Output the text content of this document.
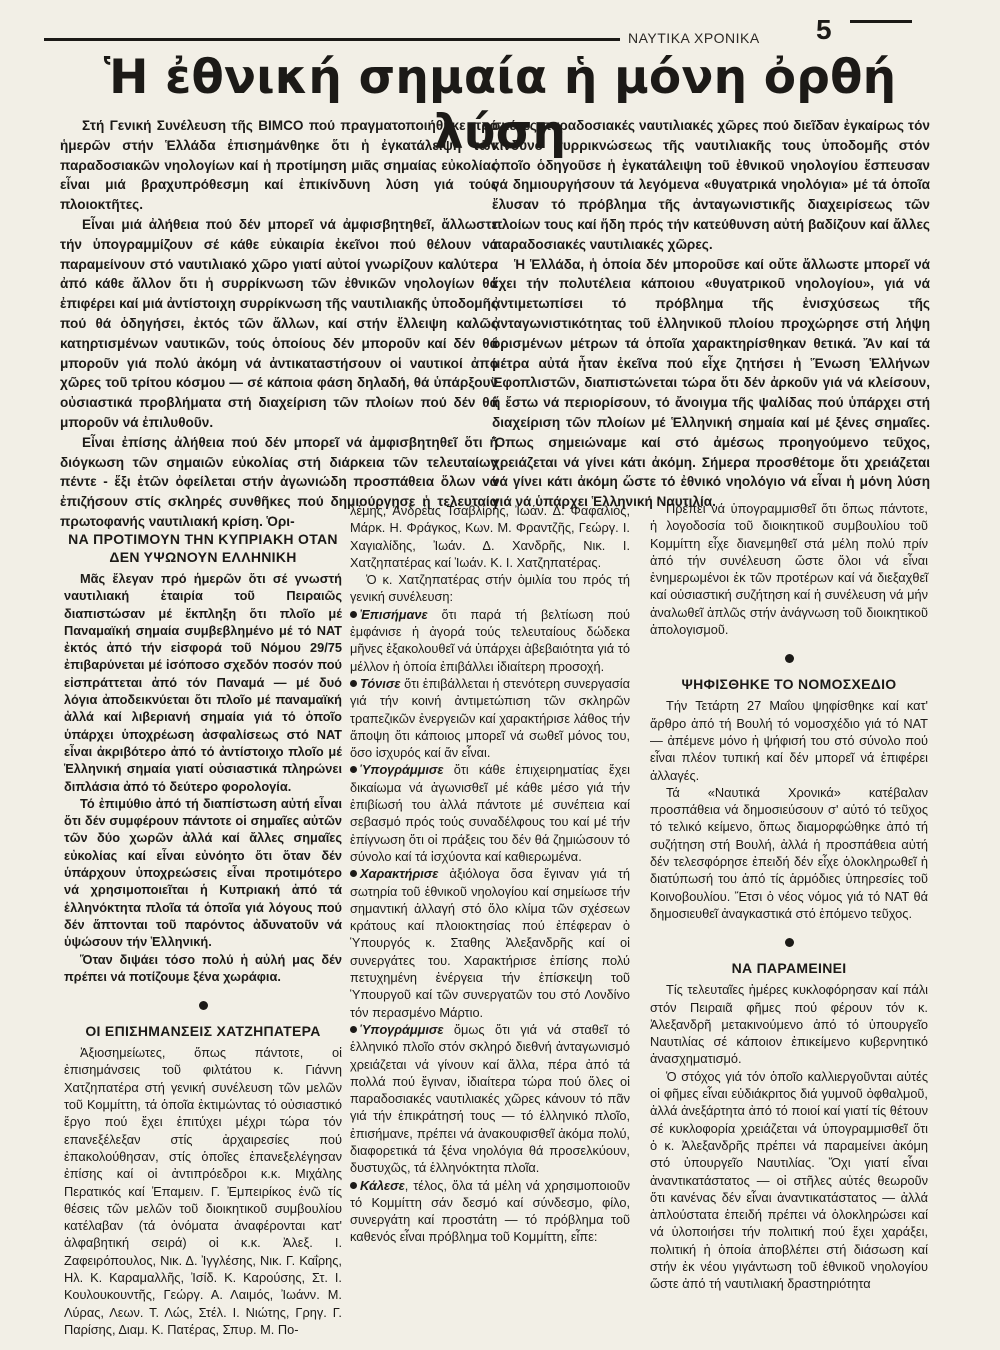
ΝΑΥΤΙΚΑ ΧΡΟΝΙΚΑ 5
Ἡ ἐθνική σημαία ἡ μόνη ὀρθή λύση

Στή Γενική Συνέλευση τῆς BIMCO πού πραγματοποιήθηκε πρό ἡμερῶν στήν Ἑλλάδα ἐπισημάνθηκε ὅτι ἡ ἐγκατάλειψη τῶν παραδοσιακῶν νηολογίων καί ἡ προτίμηση μιᾶς σημαίας εὐκολίας εἶναι μιά βραχυπρόθεσμη καί ἐπικίνδυνη λύση γιά τούς πλοιοκτῆτες.

Εἶναι μιά ἀλήθεια πού δέν μπορεῖ νά ἀμφισβητηθεῖ, ἄλλωστε τήν ὑπογραμμίζουν σέ κάθε εὐκαιρία ἐκεῖνοι πού θέλουν νά παραμείνουν στό ναυτιλιακό χῶρο γιατί αὐτοί γνωρίζουν καλύτερα ἀπό κάθε ἄλλον ὅτι ἡ συρρίκνωση τῶν ἐθνικῶν νηολογίων θά ἐπιφέρει καί μιά ἀντίστοιχη συρρίκνωση τῆς ναυτιλιακῆς ὑποδομῆς πού θά ὁδηγήσει, ἐκτός τῶν ἄλλων, καί στήν ἔλλειψη καλῶς κατηρτισμένων ναυτικῶν, τούς ὁποίους δέν μποροῦν καί δέν θά μποροῦν γιά πολύ ἀκόμη νά ἀντικαταστήσουν οἱ ναυτικοί ἀπό χῶρες τοῦ τρίτου κόσμου — σέ κάποια φάση δηλαδή, θά ὑπάρξουν οὐσιαστικά προβλήματα στή διαχείριση τῶν πλοίων πού δέν θά μποροῦν νά ἐπιλυθοῦν.

Εἶναι ἐπίσης ἀλήθεια πού δέν μπορεῖ νά ἀμφισβητηθεῖ ὅτι ἡ διόγκωση τῶν σημαιῶν εὐκολίας στή διάρκεια τῶν τελευταίων πέντε - ἕξι ἐτῶν ὀφείλεται στήν ἀγωνιώδη προσπάθεια ὅλων νά ἐπιζήσουν στίς σκληρές συνθῆκες πού δημιούργησε ἡ τελευταία πρωτοφανής ναυτιλιακή κρίση. Ὁρι-

σμένες παραδοσιακές ναυτιλιακές χῶρες πού διεῖδαν ἐγκαίρως τόν κίνδυνο συρρικνώσεως τῆς ναυτιλιακῆς τους ὑποδομῆς στόν ὁποῖο ὁδηγοῦσε ἡ ἐγκατάλειψη τοῦ ἐθνικοῦ νηολογίου ἔσπευσαν νά δημιουργήσουν τά λεγόμενα «θυγατρικά νηολόγια» μέ τά ὁποῖα ἔλυσαν τό πρόβλημα τῆς ἀνταγωνιστικῆς διαχειρίσεως τῶν πλοίων τους καί ἤδη πρός τήν κατεύθυνση αὐτή βαδίζουν καί ἄλλες παραδοσιακές ναυτιλιακές χῶρες.

Ἡ Ἑλλάδα, ἡ ὁποία δέν μποροῦσε καί οὔτε ἄλλωστε μπορεῖ νά ἔχει τήν πολυτέλεια κάποιου «θυγατρικοῦ νηολογίου», γιά νά ἀντιμετωπίσει τό πρόβλημα τῆς ἐνισχύσεως τῆς ἀνταγωνιστικότητας τοῦ ἑλληνικοῦ πλοίου προχώρησε στή λήψη ὁρισμένων μέτρων τά ὁποῖα χαρακτηρίσθηκαν θετικά. Ἄν καί τά μέτρα αὐτά ἦταν ἐκεῖνα πού εἶχε ζητήσει ἡ Ἕνωση Ἑλλήνων Ἐφοπλιστῶν, διαπιστώνεται τώρα ὅτι δέν ἀρκοῦν γιά νά κλείσουν, ἤ ἔστω νά περιορίσουν, τό ἄνοιγμα τῆς ψαλίδας πού ὑπάρχει στή διαχείριση τῶν πλοίων μέ Ἑλληνική σημαία καί μέ ξένες σημαῖες. Ὅπως σημειώναμε καί στό ἀμέσως προηγούμενο τεῦχος, χρειάζεται νά γίνει κάτι ἀκόμη. Σήμερα προσθέτομε ὅτι χρειάζεται νά γίνει κάτι ἀκόμη ὥστε τό ἐθνικό νηολόγιο νά εἶναι ἡ μόνη λύση γιά νά ὑπάρχει Ἑλληνική Ναυτιλία.

ΝΑ ΠΡΟΤΙΜΟΥΝ ΤΗΝ ΚΥΠΡΙΑΚΗ ΟΤΑΝ ΔΕΝ ΥΨΩΝΟΥΝ ΕΛΛΗΝΙΚΗ

Μᾶς ἔλεγαν πρό ἡμερῶν ὅτι σέ γνωστή ναυτιλιακή ἑταιρία τοῦ Πειραιῶς διαπιστώσαν μέ ἔκπληξη ὅτι πλοῖο μέ Παναμαϊκή σημαία συμβεβλημένο μέ τό ΝΑΤ ἐκτός ἀπό τήν εἰσφορά τοῦ Νόμου 29/75 ἐπιβαρύνεται μέ ἰσόποσο σχεδόν ποσόν πού εἰσπράττεται ἀπό τόν Παναμά — μέ δυό λόγια ἀποδεικνύεται ὅτι πλοῖο μέ παναμαϊκή ἀλλά καί λιβεριανή σημαία γιά τό ὁποῖο ὑπάρχει ὑποχρέωση ἀσφαλίσεως στό ΝΑΤ εἶναι ἀκριβότερο ἀπό τό ἀντίστοιχο πλοῖο μέ Ἑλληνική σημαία γιατί οὐσιαστικά πληρώνει διπλάσια ἀπό τό δεύτερο φορολογία.

Τό ἐπιμύθιο ἀπό τή διαπίστωση αὐτή εἶναι ὅτι δέν συμφέρουν πάντοτε οἱ σημαῖες αὐτῶν τῶν δύο χωρῶν ἀλλά καί ἄλλες σημαῖες εὐκολίας καί εἶναι εὐνόητο ὅτι ὅταν δέν ὑπάρχουν ὑποχρεώσεις εἶναι προτιμότερο νά χρησιμοποιεῖται ἡ Κυπριακή ἀπό τά ἑλληνόκτητα πλοῖα τά ὁποῖα γιά λόγους πού δέν ἅπτονται τοῦ παρόντος ἀδυνατοῦν νά ὑψώσουν τήν Ἑλληνική.

Ὅταν διψάει τόσο πολύ ἡ αὐλή μας δέν πρέπει νά ποτίζουμε ξένα χωράφια.

ΟΙ ΕΠΙΣΗΜΑΝΣΕΙΣ ΧΑΤΖΗΠΑΤΕΡΑ

Ἀξιοσημείωτες, ὅπως πάντοτε, οἱ ἐπισημάνσεις τοῦ φιλτάτου κ. Γιάννη Χατζηπατέρα στή γενική συνέλευση τῶν μελῶν τοῦ Κομμίττη, τά ὁποῖα ἐκτιμώντας τό οὐσιαστικό ἔργο πού ἔχει ἐπιτύχει μέχρι τώρα τόν επανεξέλεξαν στίς ἀρχαιρεσίες πού ἐπακολούθησαν, στίς ὁποῖες ἐπανεξελέγησαν ἐπίσης καί οἱ ἀντιπρόεδροι κ.κ. Μιχάλης Περατικός καί Ἐπαμειν. Γ. Ἐμπειρίκος ἐνῶ τίς θέσεις τῶν μελῶν τοῦ διοικητικοῦ συμβουλίου κατέλαβαν (τά ὀνόματα ἀναφέρονται κατ' ἀλφαβητική σειρά) οἱ κ.κ. Ἀλεξ. Ι. Ζαφειρόπουλος, Νικ. Δ. Ἰγγλέσης, Νικ. Γ. Καΐρης, Ηλ. Κ. Καραμαλλῆς, Ἰσίδ. Κ. Καρούσης, Στ. Ι. Κουλουκουντῆς, Γεώργ. Α. Λαιμός, Ἰωάνν. Μ. Λύρας, Λεων. Τ. Λώς, Στέλ. Ι. Νιώτης, Γρηγ. Γ. Παρίσης, Διαμ. Κ. Πατέρας, Σπυρ. Μ. Πο-

λέμης, Ἀνδρέας Τσαβλίρης, Ἰωάν. Δ. Φαφαλιός, Μάρκ. Η. Φράγκος, Κων. Μ. Φραντζῆς, Γεώργ. Ι. Χαγιαλίδης, Ἰωάν. Δ. Χανδρῆς, Νικ. Ι. Χατζηπατέρας καί Ἰωάν. Κ. Ι. Χατζηπατέρας.

Ὁ κ. Χατζηπατέρας στήν ὁμιλία του πρός τή γενική συνέλευση:

Ἐπισήμανε ὅτι παρά τή βελτίωση πού ἐμφάνισε ἡ ἀγορά τούς τελευταίους δώδεκα μῆνες ἐξακολουθεῖ νά ὑπάρχει ἀβεβαιότητα γιά τό μέλλον ἡ ὁποία ἐπιβάλλει ἰδιαίτερη προσοχή.

Τόνισε ὅτι ἐπιβάλλεται ἡ στενότερη συνεργασία γιά τήν κοινή ἀντιμετώπιση τῶν σκληρῶν τραπεζικῶν ἐνεργειῶν καί χαρακτήρισε λάθος τήν ἄποψη ὅτι κάποιος μπορεῖ νά σωθεῖ μόνος του, ὅσο ἰσχυρός καί ἄν εἶναι.

Ὑπογράμμισε ὅτι κάθε ἐπιχειρηματίας ἔχει δικαίωμα νά ἀγωνισθεῖ μέ κάθε μέσο γιά τήν ἐπιβίωσή του ἀλλά πάντοτε μέ συνέπεια καί σεβασμό πρός τούς συναδέλφους του καί μέ τήν ἐπίγνωση ὅτι οἱ πράξεις του δέν θά ζημιώσουν τό σύνολο καί τά ἰσχύοντα καί καθιερωμένα.

Χαρακτήρισε ἀξιόλογα ὅσα ἔγιναν γιά τή σωτηρία τοῦ ἐθνικοῦ νηολογίου καί σημείωσε τήν σημαντική ἀλλαγή στό ὅλο κλίμα τῶν σχέσεων κράτους καί πλοιοκτησίας πού ἐπέφεραν ὁ Ὑπουργός κ. Σταθης Ἀλεξανδρῆς καί οἱ συνεργάτες του. Χαρακτήρισε ἐπίσης πολύ πετυχημένη ἐνέργεια τήν ἐπίσκεψη τοῦ Ὑπουργοῦ καί τῶν συνεργατῶν του στό Λονδίνο τόν περασμένο Μάρτιο.

Ὑπογράμμισε ὅμως ὅτι γιά νά σταθεῖ τό ἑλληνικό πλοῖο στόν σκληρό διεθνή ἀνταγωνισμό χρειάζεται νά γίνουν καί ἄλλα, πέρα ἀπό τά πολλά πού ἔγιναν, ἰδιαίτερα τώρα πού ὅλες οἱ παραδοσιακές ναυτιλιακές χῶρες κάνουν τό πᾶν γιά τήν ἐπικράτησή τους — τό ἑλληνικό πλοῖο, ἐπισήμανε, πρέπει νά ἀνακουφισθεῖ ἀκόμα πολύ, διαφορετικά τά ξένα νηολόγια θά προσελκύουν, δυστυχῶς, τά ἑλληνόκτητα πλοῖα.

Κάλεσε, τέλος, ὅλα τά μέλη νά χρησιμοποιοῦν τό Κομμίττη σάν δεσμό καί σύνδεσμο, φίλο, συνεργάτη καί προστάτη — τό πρόβλημα τοῦ καθενός εἶναι πρόβλημα τοῦ Κομμίττη, εἶπε:

Πρέπει νά ὑπογραμμισθεῖ ὅτι ὅπως πάντοτε, ἡ λογοδοσία τοῦ διοικητικοῦ συμβουλίου τοῦ Κομμίττη εἶχε διανεμηθεῖ στά μέλη πολύ πρίν ἀπό τήν συνέλευση ὥστε ὅλοι νά εἶναι ἐνημερωμένοι ἐκ τῶν προτέρων καί νά διεξαχθεῖ καί οὐσιαστική συζήτηση καί ἡ συνέλευση νά μήν ἀναλωθεῖ ἁπλῶς στήν ἀνάγνωση τοῦ διοικητικοῦ ἀπολογισμοῦ.

ΨΗΦΙΣΘΗΚΕ ΤΟ ΝΟΜΟΣΧΕΔΙΟ

Τήν Τετάρτη 27 Μαΐου ψηφίσθηκε καί κατ' ἄρθρο ἀπό τή Βουλή τό νομοσχέδιο γιά τό ΝΑΤ — ἀπέμενε μόνο ἡ ψήφισή του στό σύνολο πού εἶναι πλέον τυπική καί δέν μπορεῖ νά ἐπιφέρει ἀλλαγές.

Τά «Ναυτικά Χρονικά» κατέβαλαν προσπάθεια νά δημοσιεύσουν σ' αὐτό τό τεῦχος τό τελικό κείμενο, ὅπως διαμορφώθηκε ἀπό τή συζήτηση στή Βουλή, ἀλλά ἡ προσπάθεια αὐτή δέν τελεσφόρησε ἐπειδή δέν εἶχε ὁλοκληρωθεῖ ἡ διατύπωσή του ἀπό τίς ἁρμόδιες ὑπηρεσίες τοῦ Κοινοβουλίου. Ἔτσι ὁ νέος νόμος γιά τό ΝΑΤ θά δημοσιευθεῖ ἀναγκαστικά στό ἑπόμενο τεῦχος.

ΝΑ ΠΑΡΑΜΕΙΝΕΙ

Τίς τελευταῖες ἡμέρες κυκλοφόρησαν καί πάλι στόν Πειραιᾶ φῆμες πού φέρουν τόν κ. Ἀλεξανδρῆ μετακινούμενο ἀπό τό ὑπουργεῖο Ναυτιλίας σέ κάποιον ἐπικείμενο κυβερνητικό ἀνασχηματισμό.

Ὁ στόχος γιά τόν ὁποῖο καλλιεργοῦνται αὐτές οἱ φῆμες εἶναι εὐδιάκριτος διά γυμνοῦ ὀφθαλμοῦ, ἀλλά ἀνεξάρτητα ἀπό τό ποιοί καί γιατί τίς θέτουν σέ κυκλοφορία χρειάζεται νά ὑπογραμμισθεῖ ὅτι ὁ κ. Ἀλεξανδρῆς πρέπει νά παραμείνει ἀκόμη στό ὑπουργεῖο Ναυτιλίας. Ὄχι γιατί εἶναι ἀναντικατάστατος — οἱ στῆλες αὐτές θεωροῦν ὅτι κανένας δέν εἶναι ἀναντικατάστατος — ἀλλά ἁπλούστατα ἐπειδή πρέπει νά ὁλοκληρώσει καί νά ὑλοποιήσει τήν πολιτική πού ἔχει χαράξει, πολιτική ἡ ὁποία ἀποβλέπει στή διάσωση καί στήν ἐκ νέου γιγάντωση τοῦ ἐθνικοῦ νηολογίου ὥστε ἀπό τή ναυτιλιακή δραστηριότητα
